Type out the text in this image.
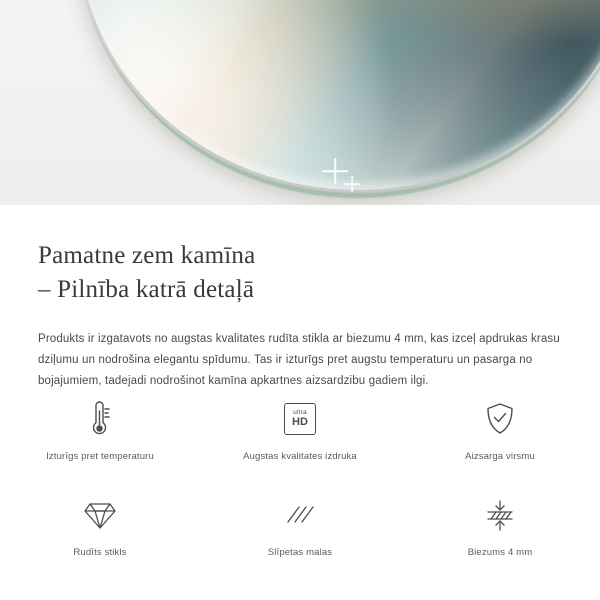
Pamatne zem kamīna
– Pilnība katrā detaļā

Produkts ir izgatavots no augstas kvalitates rudīta stikla ar biezumu 4 mm, kas izceļ apdrukas krasu dziļumu un nodrošina elegantu spīdumu. Tas ir izturīgs pret augstu temperaturu un pasarga no bojajumiem, tadejadi nodrošinot kamīna apkartnes aizsardzibu gadiem ilgi.

Izturīgs pret temperaturu
ultra
HD
Augstas kvalitates izdruka	Aizsarga virsmu
Rudīts stikls	Slīpetas malas	Biezums 4 mm
